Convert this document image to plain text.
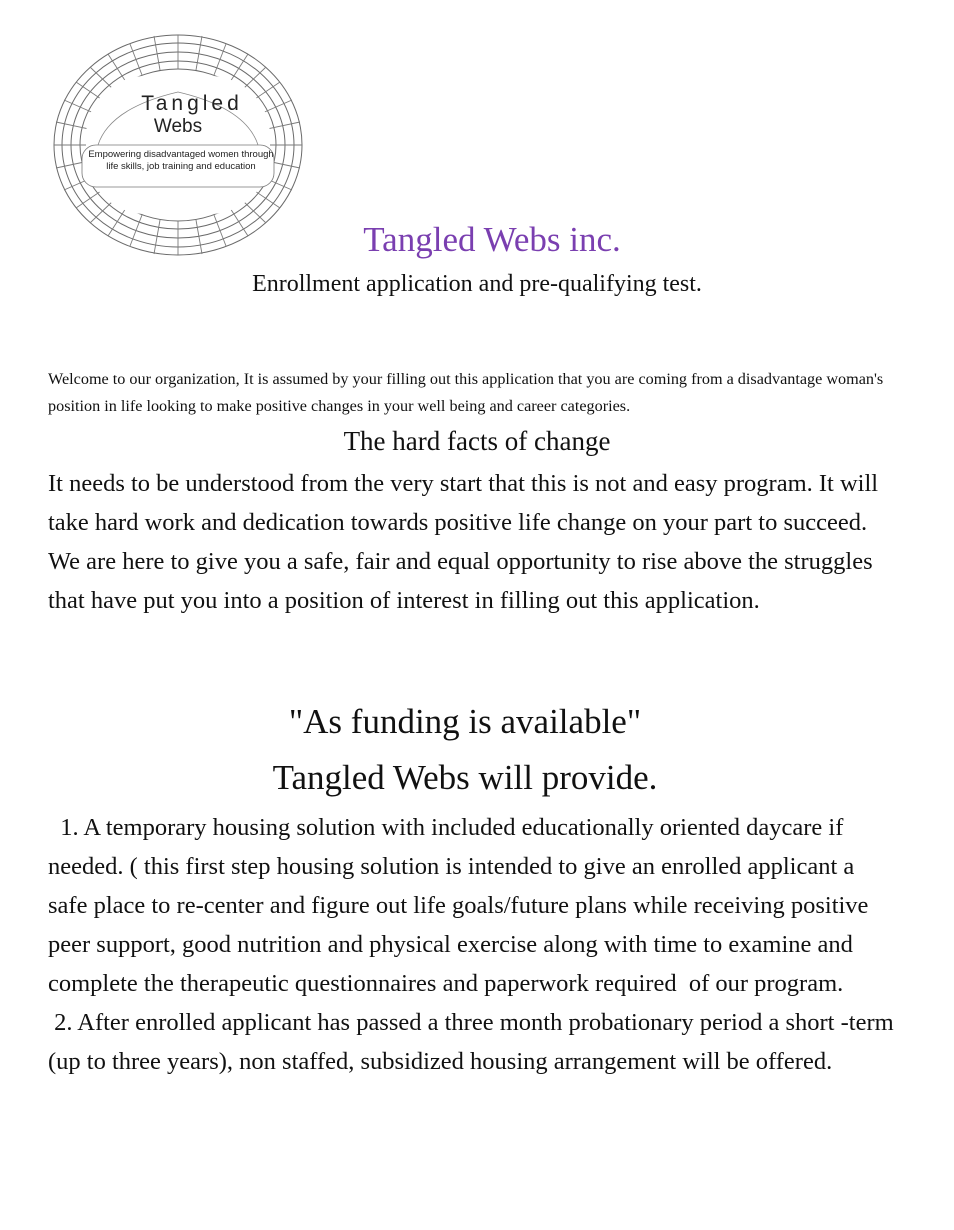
Tangled
Webs
Empowering disadvantaged women through life skills, job training and education
Tangled Webs inc.
Enrollment application and pre-qualifying test.
Welcome to our organization, It is assumed by your filling out this application that you are coming from a disadvantage woman's position in life looking to make positive changes in your well being and career categories.
The hard facts of change
It needs to be understood from the very start that this is not and easy program. It will take hard work and dedication towards positive life change on your part to succeed. We are here to give you a safe, fair and equal opportunity to rise above the struggles that have put you into a position of interest in filling out this application.
"As funding is available"
Tangled Webs will provide.

1. A temporary housing solution with included educationally oriented daycare if needed. ( this first step housing solution is intended to give an enrolled applicant a safe place to re-center and figure out life goals/future plans while receiving positive peer support, good nutrition and physical exercise along with time to examine and complete the therapeutic questionnaires and paperwork required  of our program.

2. After enrolled applicant has passed a three month probationary period a short -term (up to three years), non staffed, subsidized housing arrangement will be offered.
